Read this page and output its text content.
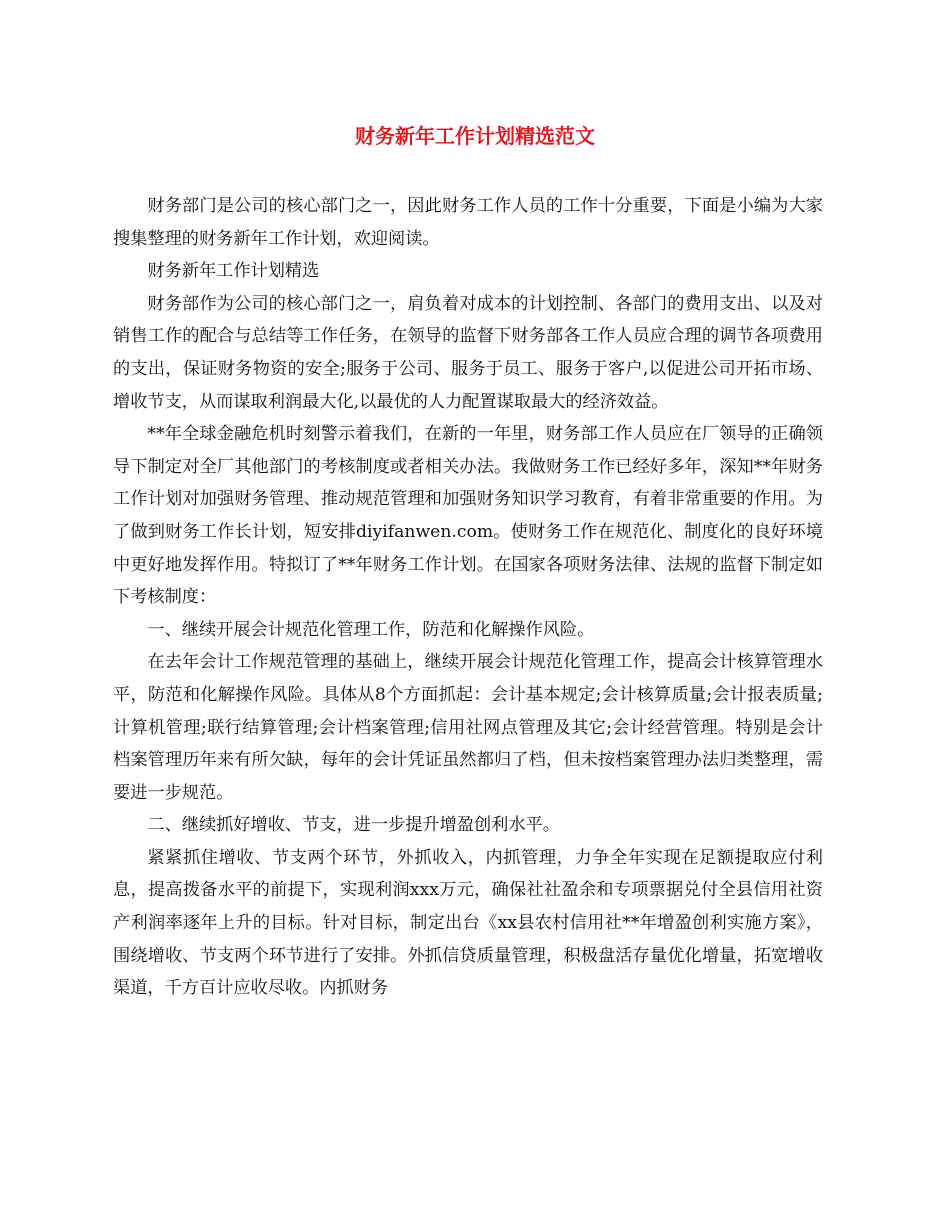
财务新年工作计划精选范文

财务部门是公司的核心部门之一，因此财务工作人员的工作十分重要，下面是小编为大家搜集整理的财务新年工作计划，欢迎阅读。

财务新年工作计划精选

财务部作为公司的核心部门之一，肩负着对成本的计划控制、各部门的费用支出、以及对销售工作的配合与总结等工作任务，在领导的监督下财务部各工作人员应合理的调节各项费用的支出，保证财务物资的安全;服务于公司、服务于员工、服务于客户,以促进公司开拓市场、增收节支，从而谋取利润最大化,以最优的人力配置谋取最大的经济效益。

**年全球金融危机时刻警示着我们，在新的一年里，财务部工作人员应在厂领导的正确领导下制定对全厂其他部门的考核制度或者相关办法。我做财务工作已经好多年，深知**年财务工作计划对加强财务管理、推动规范管理和加强财务知识学习教育，有着非常重要的作用。为了做到财务工作长计划，短安排diyifanwen.com。使财务工作在规范化、制度化的良好环境中更好地发挥作用。特拟订了**年财务工作计划。在国家各项财务法律、法规的监督下制定如下考核制度：

一、继续开展会计规范化管理工作，防范和化解操作风险。

在去年会计工作规范管理的基础上，继续开展会计规范化管理工作，提高会计核算管理水平，防范和化解操作风险。具体从8个方面抓起：会计基本规定;会计核算质量;会计报表质量;计算机管理;联行结算管理;会计档案管理;信用社网点管理及其它;会计经营管理。特别是会计档案管理历年来有所欠缺，每年的会计凭证虽然都归了档，但未按档案管理办法归类整理，需要进一步规范。

二、继续抓好增收、节支，进一步提升增盈创利水平。

紧紧抓住增收、节支两个环节，外抓收入，内抓管理，力争全年实现在足额提取应付利息，提高拨备水平的前提下，实现利润xxx万元，确保社社盈余和专项票据兑付全县信用社资产利润率逐年上升的目标。针对目标，制定出台《xx县农村信用社**年增盈创利实施方案》，围绕增收、节支两个环节进行了安排。外抓信贷质量管理，积极盘活存量优化增量，拓宽增收渠道，千方百计应收尽收。内抓财务
